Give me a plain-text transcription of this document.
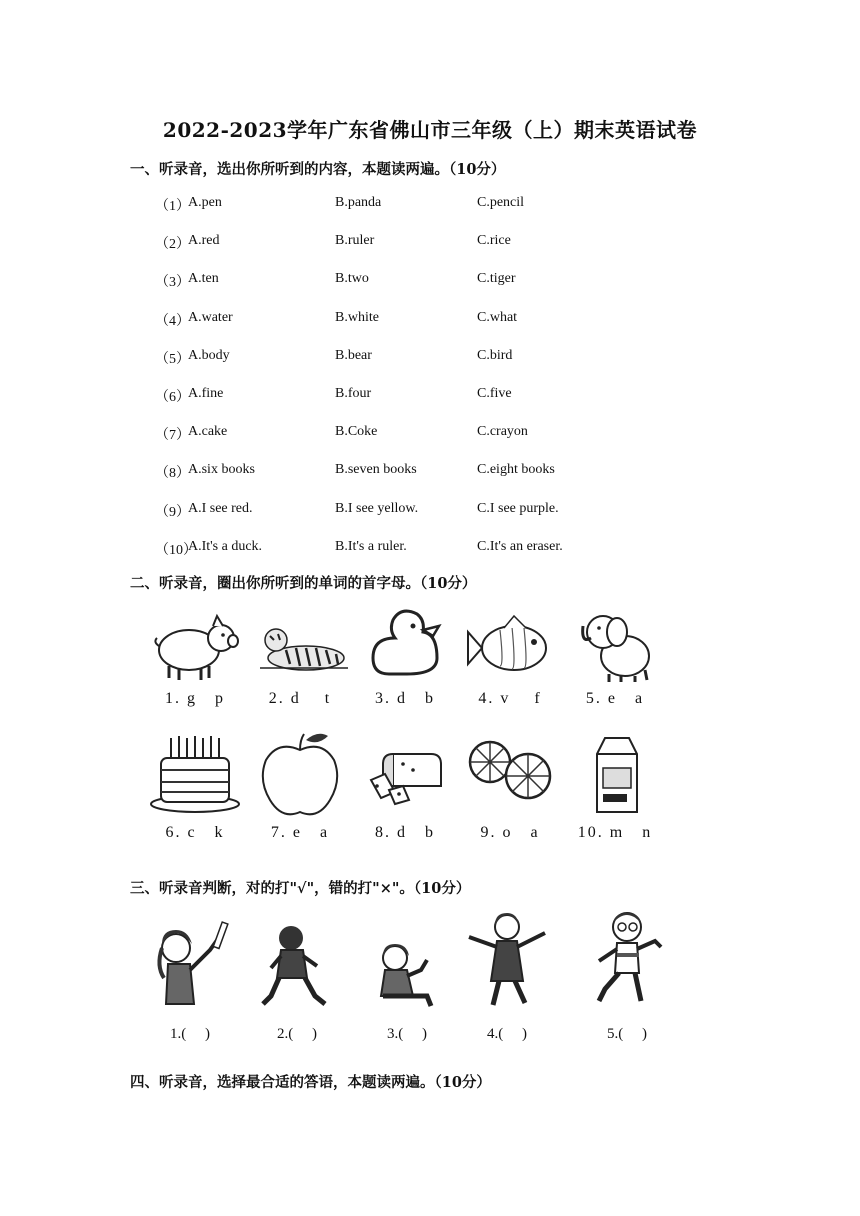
2022-2023学年广东省佛山市三年级（上）期末英语试卷
一、听录音，选出你所听到的内容，本题读两遍。（10分）
（1）
A.pen	B.panda	C.pencil
（2）
A.red	B.ruler	C.rice
（3）
A.ten	B.two	C.tiger
（4）
A.water	B.white	C.what
（5）
A.body	B.bear	C.bird
（6）
A.fine	B.four	C.five
（7）
A.cake	B.Coke	C.crayon
（8）
A.six books	B.seven books	C.eight books
（9）
A.I see red.	B.I see yellow.	C.I see purple.
（10）
A.It's a duck.	B.It's a ruler.	C.It's an eraser.
二、听录音，圈出你所听到的单词的首字母。（10分）
1. g   p	2. d    t	3. d   b	4. v    f	5. e   a
6. c   k	7. e   a	8. d   b	9. o   a	10. m   n
三、听录音判断，对的打"√"，错的打"×"。（10分）
1.(     )	2.(     )	3.(     )	4.(     )	5.(     )
四、听录音，选择最合适的答语，本题读两遍。（10分）
